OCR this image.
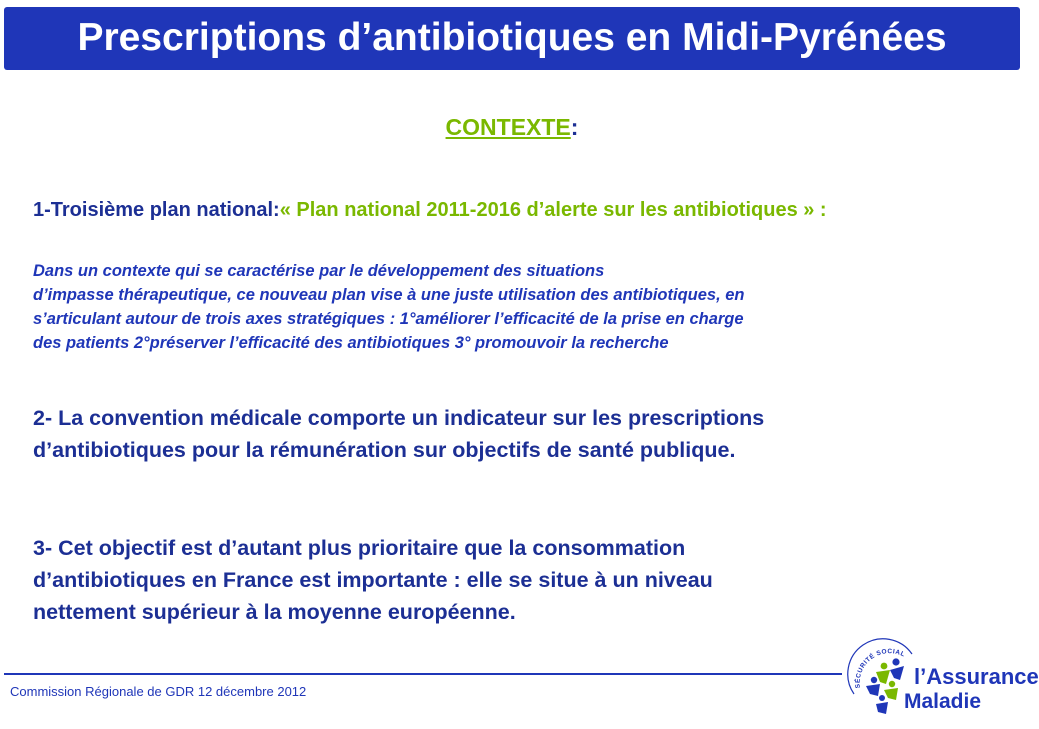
Prescriptions d’antibiotiques en Midi-Pyrénées
CONTEXTE:
1-Troisième plan national:« Plan national 2011-2016 d’alerte sur les antibiotiques » :
Dans un contexte qui se caractérise par le développement des situations
d’impasse thérapeutique, ce nouveau plan vise à une juste utilisation des antibiotiques, en
s’articulant autour de trois axes stratégiques : 1°améliorer l’efficacité de la prise en charge
des patients 2°préserver l’efficacité des antibiotiques 3° promouvoir la recherche
2- La convention médicale comporte un indicateur sur les prescriptions
d’antibiotiques pour la rémunération sur objectifs de santé publique.
3- Cet objectif est d’autant plus prioritaire que la consommation
d’antibiotiques en France est importante : elle se situe à un niveau
nettement supérieur à la moyenne européenne.
Commission Régionale de GDR 12 décembre 2012	SÉCURITÉ SOCIAL
l’Assurance
Maladie
